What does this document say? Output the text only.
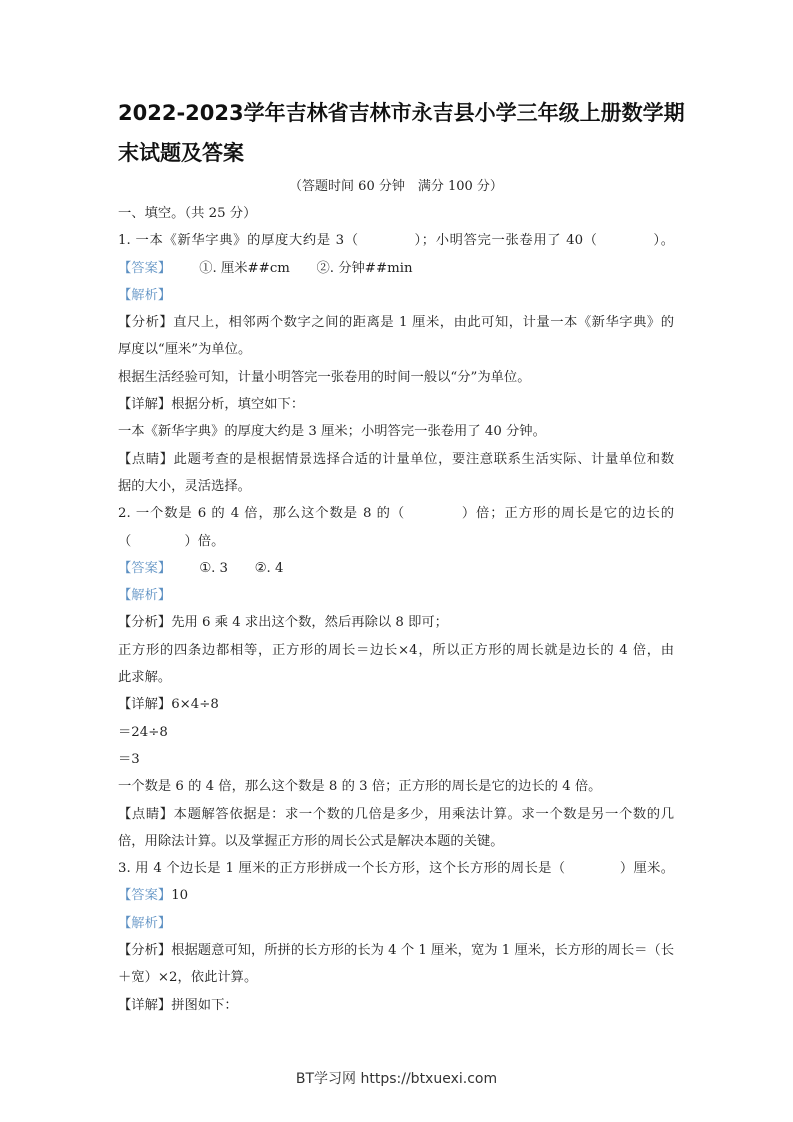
2022-2023学年吉林省吉林市永吉县小学三年级上册数学期
末试题及答案
（答题时间 60 分钟　满分 100 分）
一、填空。（共 25 分）
1. 一本《新华字典》的厚度大约是 3（　　　　）；小明答完一张卷用了 40（　　　　）。
【答案】 ①. 厘米##cm　　②. 分钟##min
【解析】
【分析】直尺上，相邻两个数字之间的距离是 1 厘米，由此可知，计量一本《新华字典》的
厚度以“厘米”为单位。
根据生活经验可知，计量小明答完一张卷用的时间一般以“分”为单位。
【详解】根据分析，填空如下：
一本《新华字典》的厚度大约是 3 厘米；小明答完一张卷用了 40 分钟。
【点睛】此题考查的是根据情景选择合适的计量单位，要注意联系生活实际、计量单位和数
据的大小，灵活选择。
2. 一个数是 6 的 4 倍，那么这个数是 8 的（　　　　）倍；正方形的周长是它的边长的
（　　　　）倍。
【答案】 ①. 3　　②. 4
【解析】
【分析】先用 6 乘 4 求出这个数，然后再除以 8 即可；
正方形的四条边都相等，正方形的周长＝边长×4，所以正方形的周长就是边长的 4 倍，由
此求解。
【详解】6×4÷8
＝24÷8
＝3
一个数是 6 的 4 倍，那么这个数是 8 的 3 倍；正方形的周长是它的边长的 4 倍。
【点睛】本题解答依据是：求一个数的几倍是多少，用乘法计算。求一个数是另一个数的几
倍，用除法计算。以及掌握正方形的周长公式是解决本题的关键。
3. 用 4 个边长是 1 厘米的正方形拼成一个长方形，这个长方形的周长是（　　　　）厘米。
【答案】10
【解析】
【分析】根据题意可知，所拼的长方形的长为 4 个 1 厘米，宽为 1 厘米，长方形的周长＝（长
＋宽）×2，依此计算。
【详解】拼图如下：
BT学习网 https://btxuexi.com
